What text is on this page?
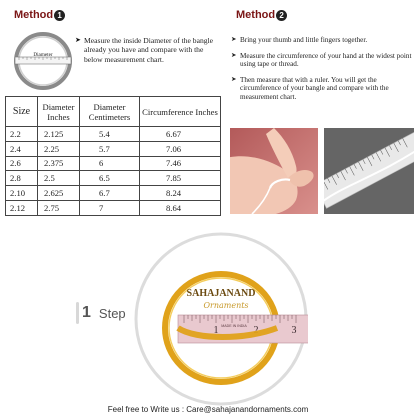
Method 1	Method 2
Diameter
➤ Measure the inside Diameter of the bangle already you have and compare with the below measurement chart.
Size	Diameter Inches	Diameter Centimeters	Circumference Inches
2.2	2.125	5.4	6.67
2.4	2.25	5.7	7.06
2.6	2.375	6	7.46
2.8	2.5	6.5	7.85
2.10	2.625	6.7	8.24
2.12	2.75	7	8.64
➤ Bring your thumb and little fingers together.
➤ Measure the circumference of your hand at the widest point using tape or thread.
➤ Then measure that with a ruler. You will get the circumference of your bangle and compare with the measurement chart.
SAHAJANAND
Ornaments
1	2	3
MADE IN INDIA
1 Step
Feel free to Write us : Care@sahajanandornaments.com
